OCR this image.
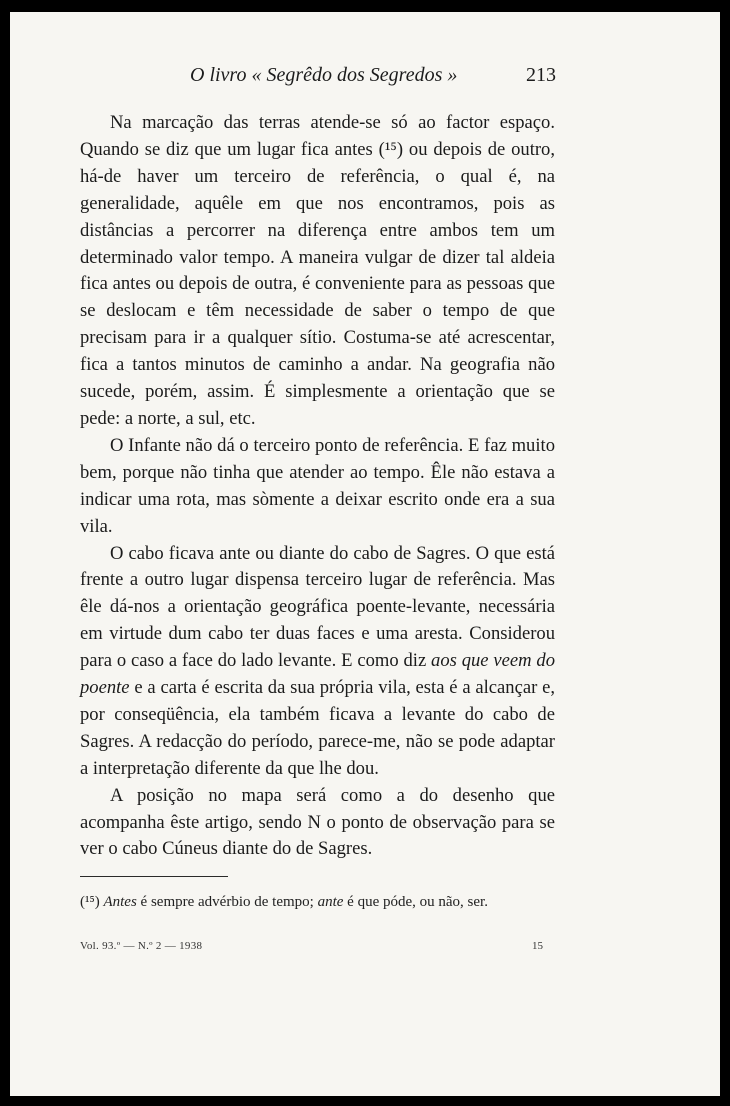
O livro « Segrêdo dos Segredos »	213

Na marcação das terras atende-se só ao factor espaço. Quando se diz que um lugar fica antes (¹⁵) ou depois de outro, há-de haver um terceiro de referência, o qual é, na generalidade, aquêle em que nos encontramos, pois as distâncias a percorrer na diferença entre ambos tem um determinado valor tempo. A maneira vulgar de dizer tal aldeia fica antes ou depois de outra, é conveniente para as pessoas que se deslocam e têm necessidade de saber o tempo de que precisam para ir a qualquer sítio. Costuma-se até acrescentar, fica a tantos minutos de caminho a andar. Na geografia não sucede, porém, assim. É simplesmente a orientação que se pede: a norte, a sul, etc.

O Infante não dá o terceiro ponto de referência. E faz muito bem, porque não tinha que atender ao tempo. Êle não estava a indicar uma rota, mas sòmente a deixar escrito onde era a sua vila.

O cabo ficava ante ou diante do cabo de Sagres. O que está frente a outro lugar dispensa terceiro lugar de referência. Mas êle dá-nos a orientação geográfica poente-levante, necessária em virtude dum cabo ter duas faces e uma aresta. Considerou para o caso a face do lado levante. E como diz aos que veem do poente e a carta é escrita da sua própria vila, esta é a alcançar e, por conseqüência, ela também ficava a levante do cabo de Sagres. A redacção do período, parece-me, não se pode adaptar a interpretação diferente da que lhe dou.

A posição no mapa será como a do desenho que acompanha êste artigo, sendo N o ponto de observação para se ver o cabo Cúneus diante do de Sagres.

(¹⁵) Antes é sempre advérbio de tempo; ante é que póde, ou não, ser.
Vol. 93.º — N.º 2 — 1938	15
